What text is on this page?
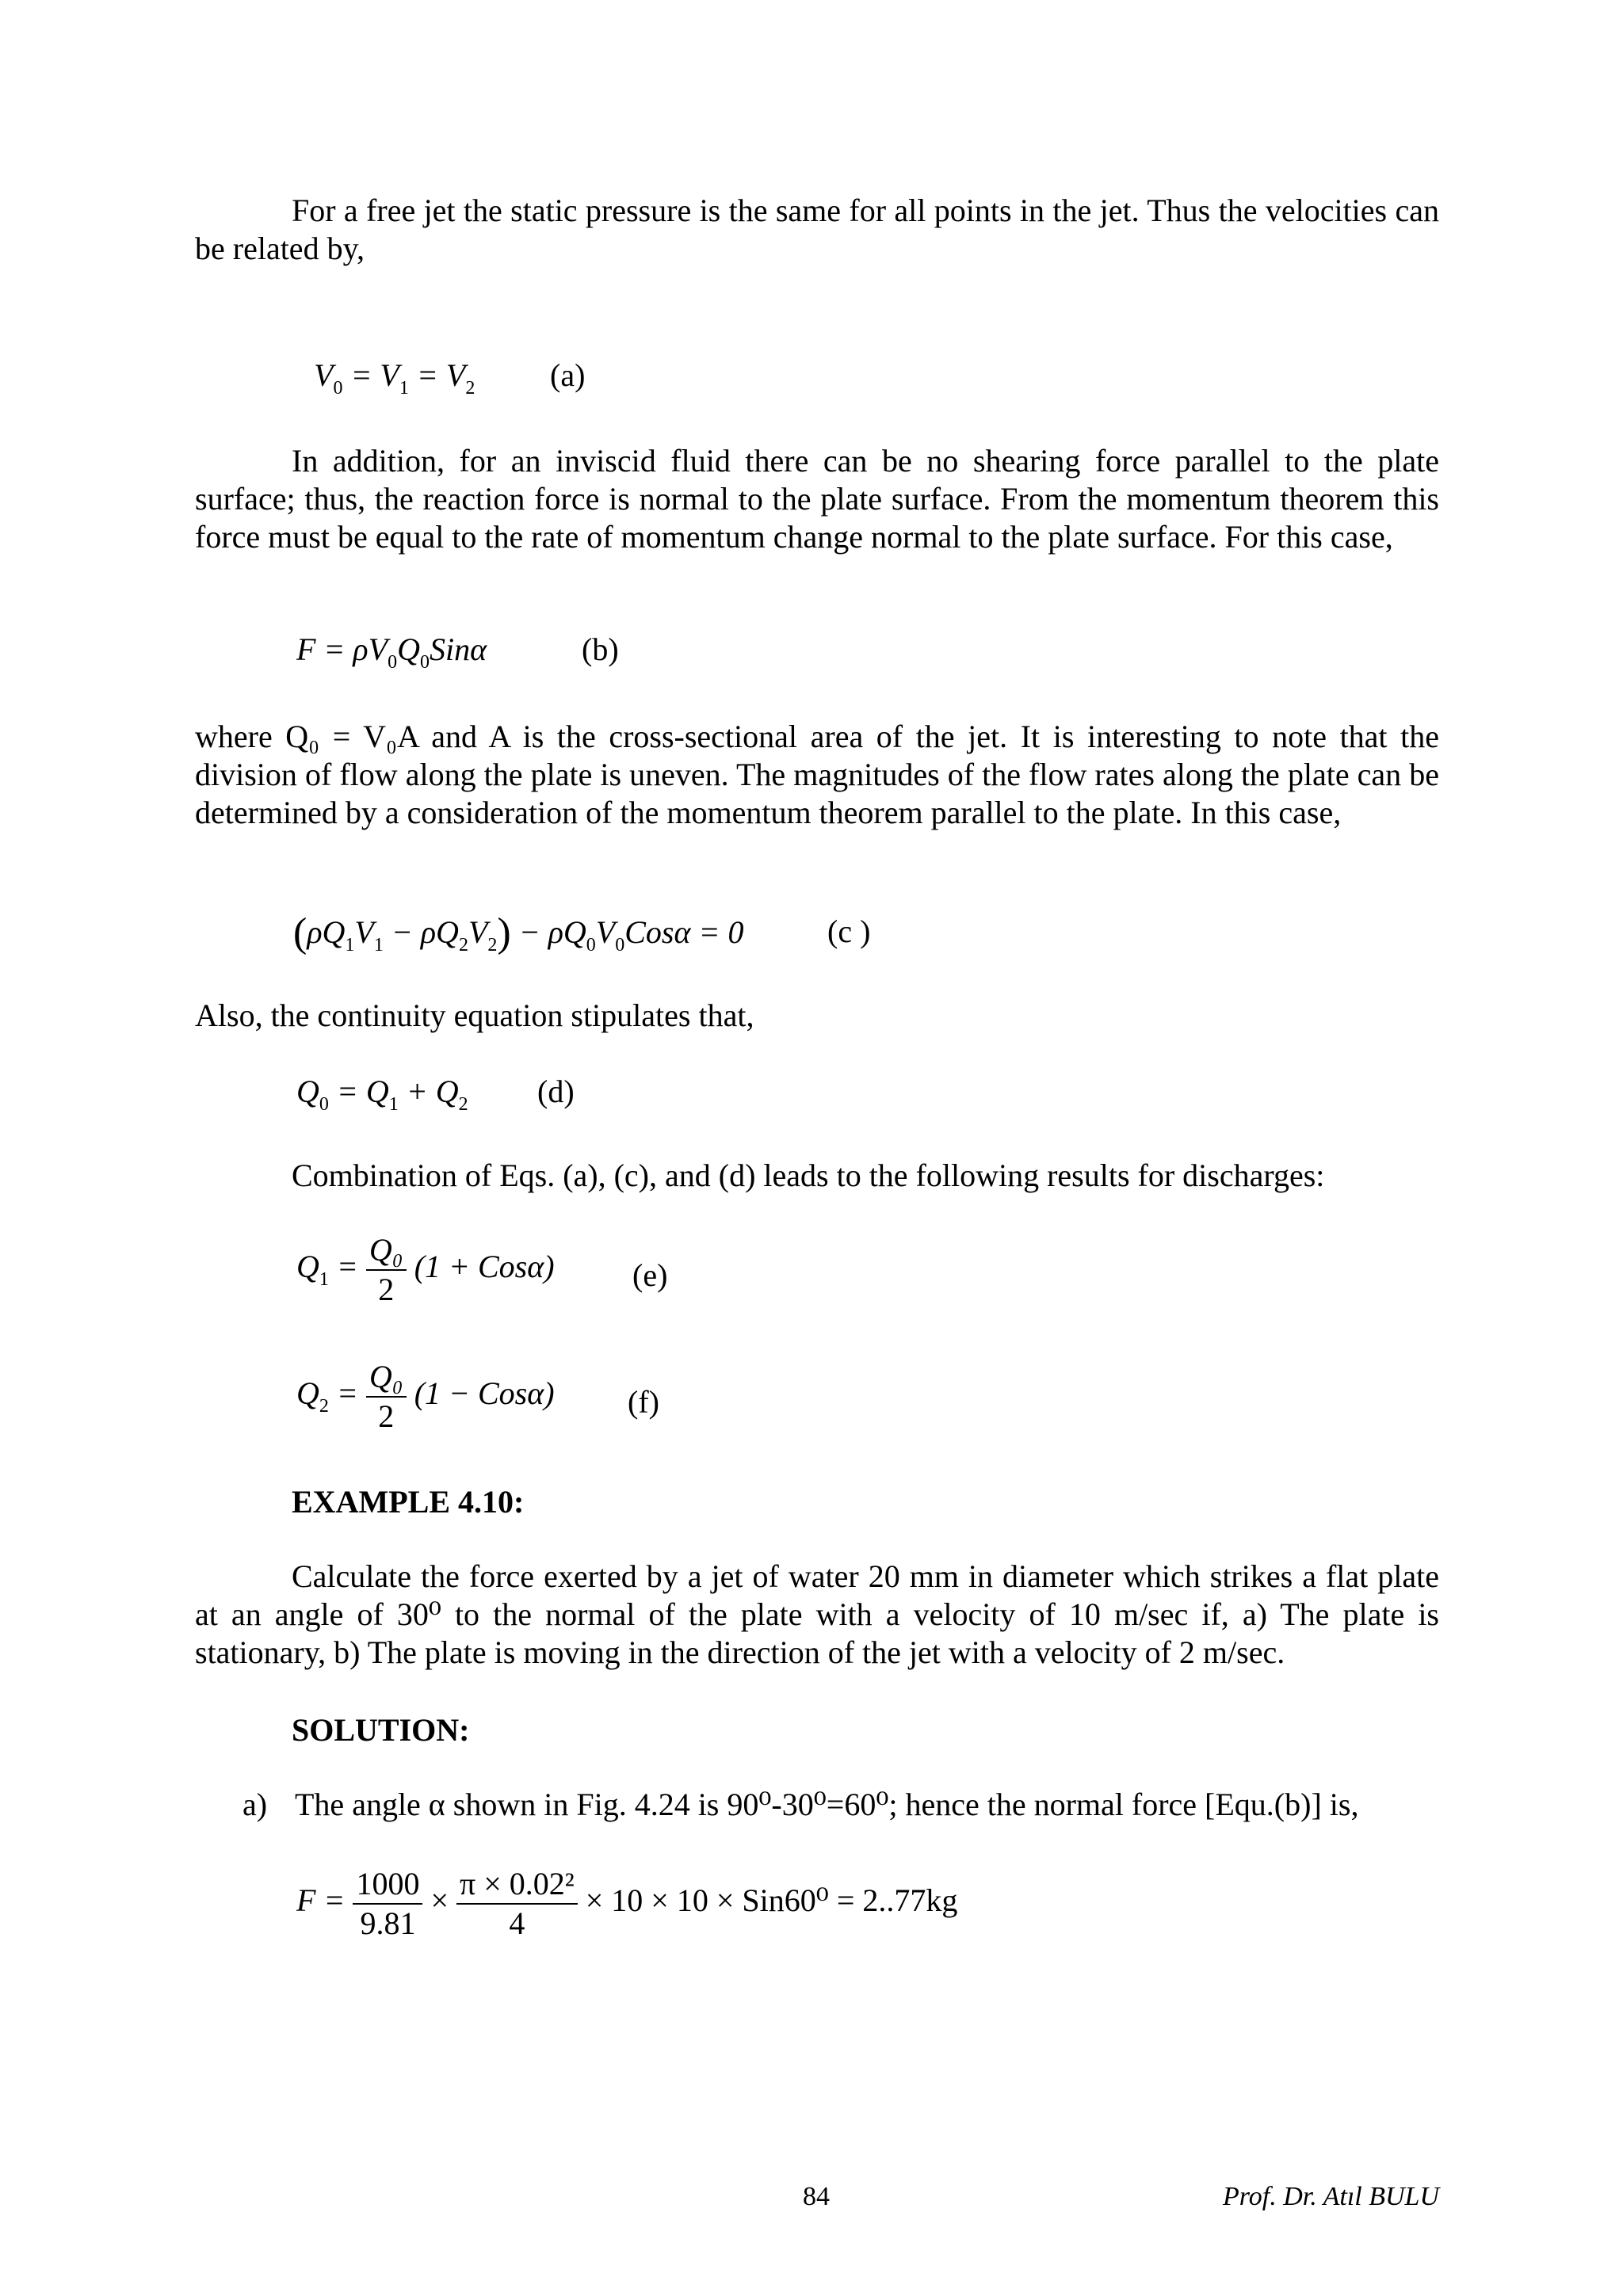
For a free jet the static pressure is the same for all points in the jet. Thus the velocities can be related by,
$V_0 = V_1 = V_2$ (a)
In addition, for an inviscid fluid there can be no shearing force parallel to the plate surface; thus, the reaction force is normal to the plate surface. From the momentum theorem this force must be equal to the rate of momentum change normal to the plate surface. For this case,
$F = \rho V_0Q_0Sin\alpha$	(b)
where Q₀ = V₀A and A is the cross-sectional area of the jet. It is interesting to note that the division of flow along the plate is uneven. The magnitudes of the flow rates along the plate can be determined by a consideration of the momentum theorem parallel to the plate. In this case,
$(\rho Q_1V_1 - \rho Q_2V_2) - \rho Q_0V_0Cos\alpha = 0$	(c )
Also, the continuity equation stipulates that,
$Q_0 = Q_1 + Q_2$ (d)
Combination of Eqs. (a), (c), and (d) leads to the following results for discharges:
$Q_1 = \frac{\text{Q₀}}{2} (1 + Cos\alpha)$ (e)
$Q_2 = \frac{\text{Q₀}}{2} (1 - Cos\alpha)$ (f)
EXAMPLE 4.10:
Calculate the force exerted by a jet of water 20 mm in diameter which strikes a flat plate at an angle of 30⁰ to the normal of the plate with a velocity of 10 m/sec if, a) The plate is stationary, b) The plate is moving in the direction of the jet with a velocity of 2 m/sec.
SOLUTION:
a) The angle α shown in Fig. 4.24 is 90⁰-30⁰=60⁰; hence the normal force [Equ.(b)] is,
$F = \frac{1000}{9.81} \times \frac{\text{π × 0.02²}}{4} \times 10 \times 10 \times Sin60^0 = 2..77kg$
84	Prof. Dr. Atıl BULU
